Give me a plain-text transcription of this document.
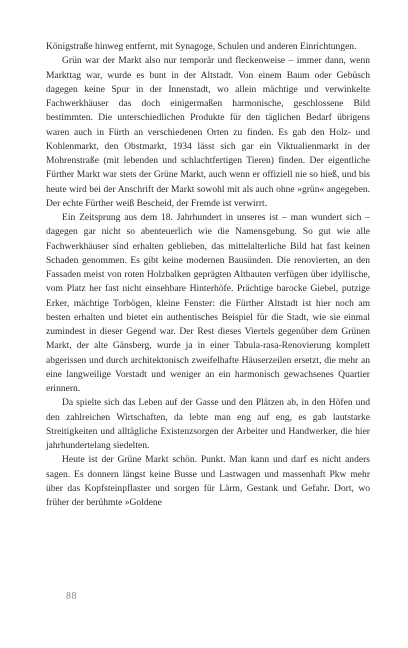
Königstraße hinweg entfernt, mit Synagoge, Schulen und anderen Einrichtungen.

Grün war der Markt also nur temporär und fleckenweise – immer dann, wenn Markttag war, wurde es bunt in der Altstadt. Von einem Baum oder Gebüsch dagegen keine Spur in der Innenstadt, wo allein mächtige und verwinkelte Fachwerkhäuser das doch einigermaßen harmonische, geschlossene Bild bestimmten. Die unterschiedlichen Produkte für den täglichen Bedarf übrigens waren auch in Fürth an verschiedenen Orten zu finden. Es gab den Holz- und Kohlenmarkt, den Obstmarkt, 1934 lässt sich gar ein Viktualienmarkt in der Mohrenstraße (mit lebenden und schlachtfertigen Tieren) finden. Der eigentliche Fürther Markt war stets der Grüne Markt, auch wenn er offiziell nie so hieß, und bis heute wird bei der Anschrift der Markt sowohl mit als auch ohne »grün« angegeben. Der echte Fürther weiß Bescheid, der Fremde ist verwirrt.

Ein Zeitsprung aus dem 18. Jahrhundert in unseres ist – man wundert sich – dagegen gar nicht so abenteuerlich wie die Namensgebung. So gut wie alle Fachwerkhäuser sind erhalten geblieben, das mittelalterliche Bild hat fast keinen Schaden genommen. Es gibt keine modernen Bausünden. Die renovierten, an den Fassaden meist von roten Holzbalken geprägten Altbauten verfügen über idyllische, vom Platz her fast nicht einsehbare Hinterhöfe. Prächtige barocke Giebel, putzige Erker, mächtige Torbögen, kleine Fenster: die Fürther Altstadt ist hier noch am besten erhalten und bietet ein authentisches Beispiel für die Stadt, wie sie einmal zumindest in dieser Gegend war. Der Rest dieses Viertels gegenüber dem Grünen Markt, der alte Gänsberg, wurde ja in einer Tabula-rasa-Renovierung komplett abgerissen und durch architektonisch zweifelhafte Häuserzeilen ersetzt, die mehr an eine langweilige Vorstadt und weniger an ein harmonisch gewachsenes Quartier erinnern.

Da spielte sich das Leben auf der Gasse und den Plätzen ab, in den Höfen und den zahlreichen Wirtschaften, da lebte man eng auf eng, es gab lautstarke Streitigkeiten und alltägliche Existenzsorgen der Arbeiter und Handwerker, die hier jahrhundertelang siedelten.

Heute ist der Grüne Markt schön. Punkt. Man kann und darf es nicht anders sagen. Es donnern längst keine Busse und Lastwagen und massenhaft Pkw mehr über das Kopfsteinpflaster und sorgen für Lärm, Gestank und Gefahr. Dort, wo früher der berühmte »Goldene

88
